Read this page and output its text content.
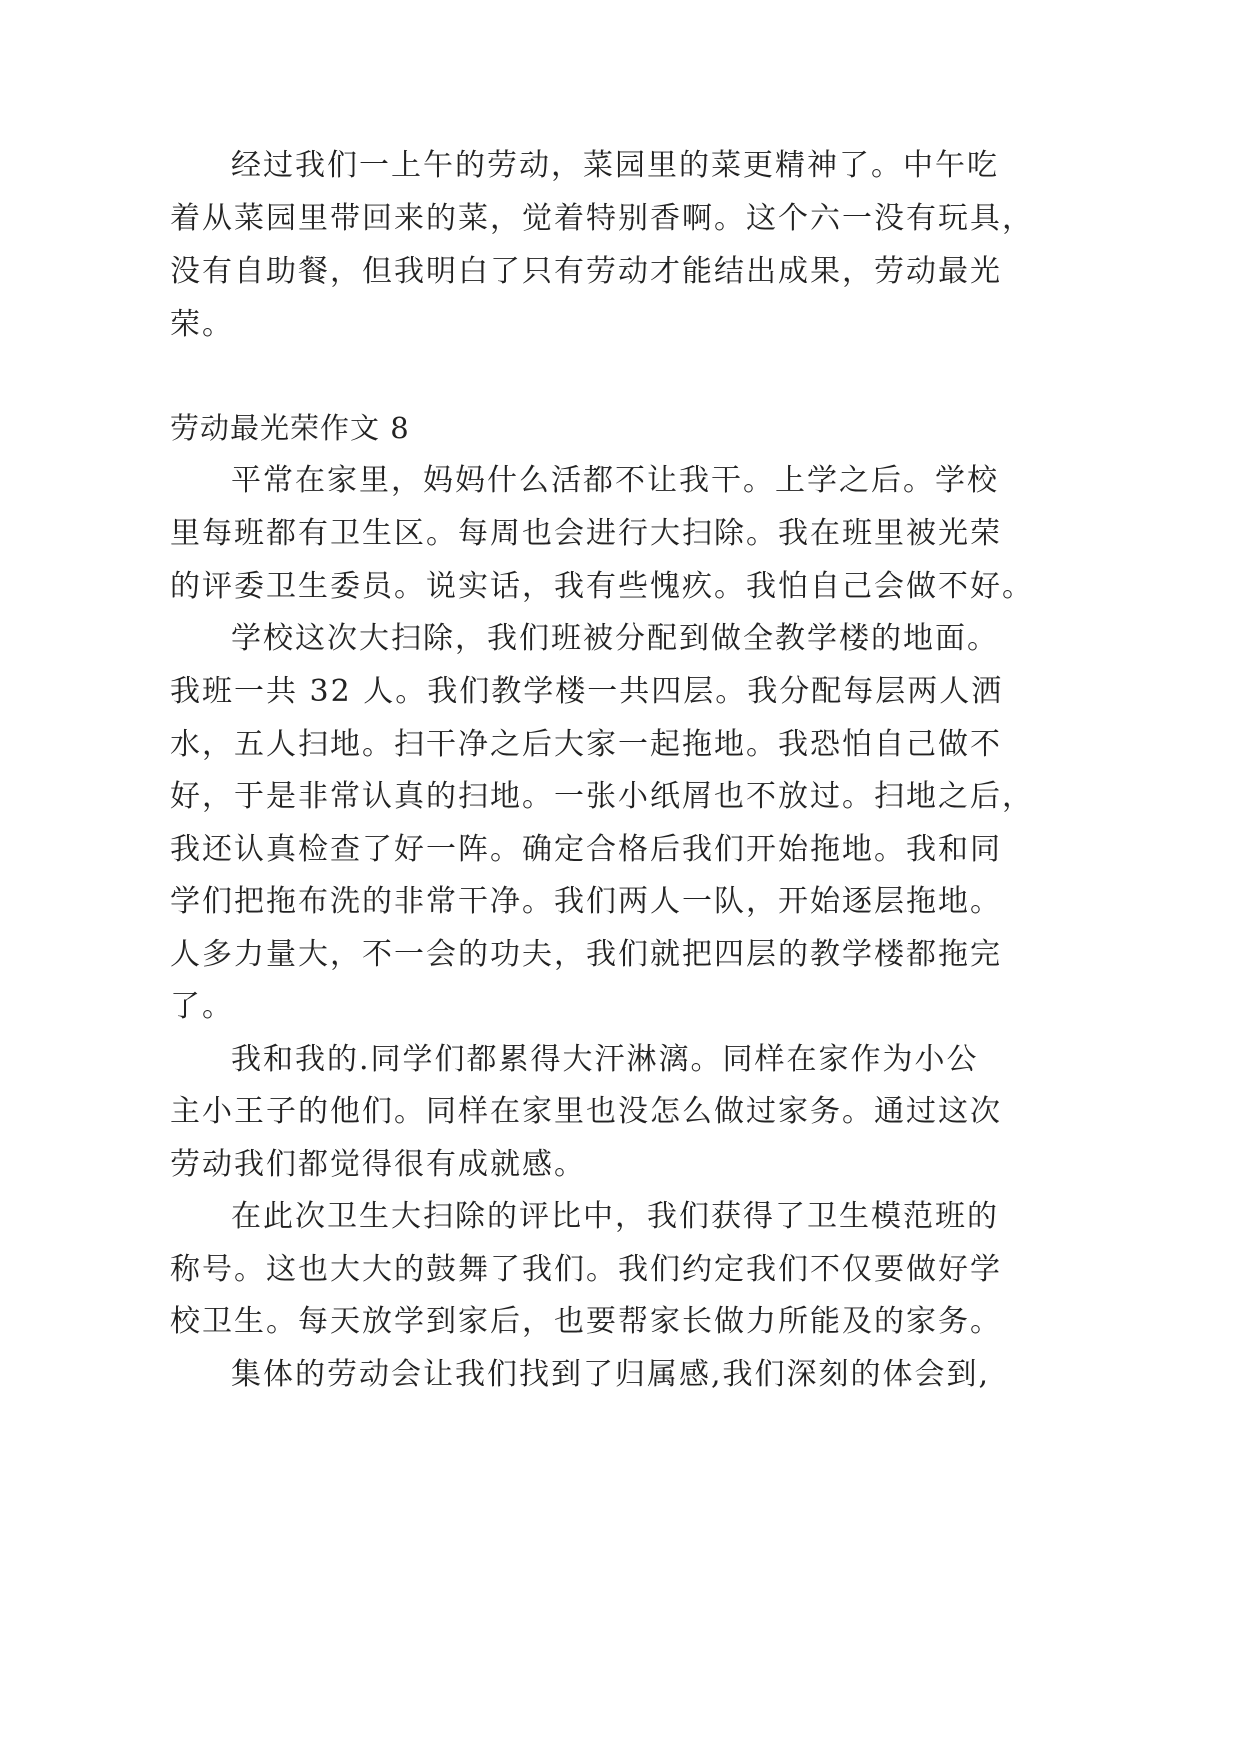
经过我们一上午的劳动，菜园里的菜更精神了。中午吃
着从菜园里带回来的菜，觉着特别香啊。这个六一没有玩具，
没有自助餐，但我明白了只有劳动才能结出成果，劳动最光
荣。
劳动最光荣作文 8
平常在家里，妈妈什么活都不让我干。上学之后。学校
里每班都有卫生区。每周也会进行大扫除。我在班里被光荣
的评委卫生委员。说实话，我有些愧疚。我怕自己会做不好。
学校这次大扫除，我们班被分配到做全教学楼的地面。
我班一共 32 人。我们教学楼一共四层。我分配每层两人洒
水，五人扫地。扫干净之后大家一起拖地。我恐怕自己做不
好，于是非常认真的扫地。一张小纸屑也不放过。扫地之后，
我还认真检查了好一阵。确定合格后我们开始拖地。我和同
学们把拖布洗的非常干净。我们两人一队，开始逐层拖地。
人多力量大，不一会的功夫，我们就把四层的教学楼都拖完
了。
我和我的.同学们都累得大汗淋漓。同样在家作为小公
主小王子的他们。同样在家里也没怎么做过家务。通过这次
劳动我们都觉得很有成就感。
在此次卫生大扫除的评比中，我们获得了卫生模范班的
称号。这也大大的鼓舞了我们。我们约定我们不仅要做好学
校卫生。每天放学到家后，也要帮家长做力所能及的家务。
集体的劳动会让我们找到了归属感,我们深刻的体会到,
